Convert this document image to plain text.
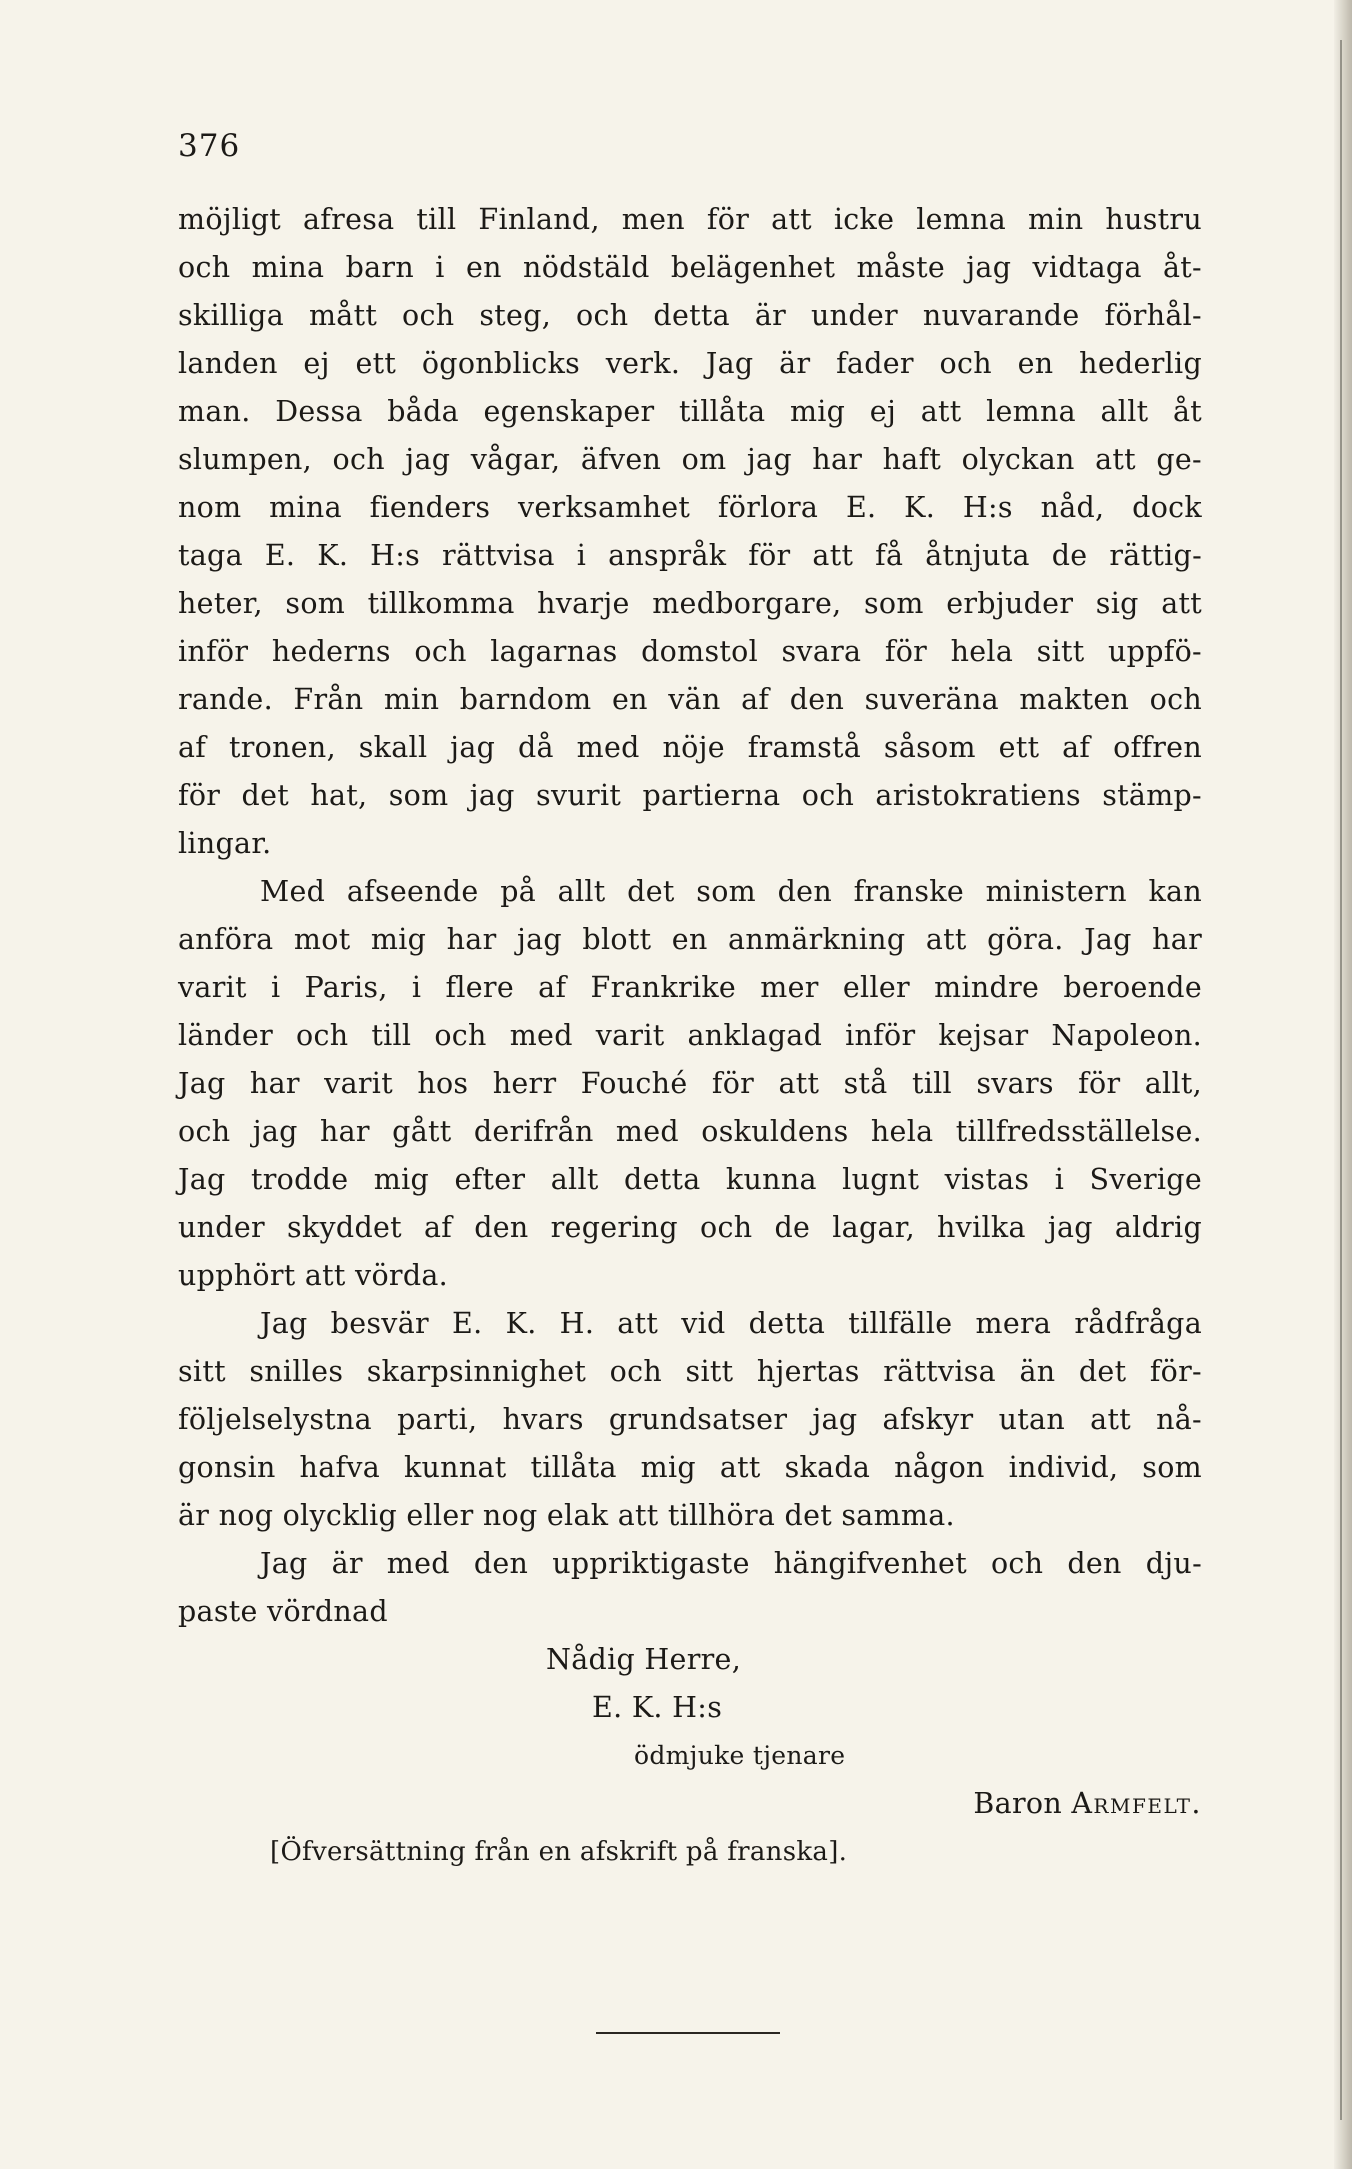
376
möjligt afresa till Finland, men för att icke lemna min hustru
och mina barn i en nödstäld belägenhet måste jag vidtaga åt-
skilliga mått och steg, och detta är under nuvarande förhål-
landen ej ett ögonblicks verk. Jag är fader och en hederlig
man. Dessa båda egenskaper tillåta mig ej att lemna allt åt
slumpen, och jag vågar, äfven om jag har haft olyckan att ge-
nom mina fienders verksamhet förlora E. K. H:s nåd, dock
taga E. K. H:s rättvisa i anspråk för att få åtnjuta de rättig-
heter, som tillkomma hvarje medborgare, som erbjuder sig att
inför hederns och lagarnas domstol svara för hela sitt uppfö-
rande. Från min barndom en vän af den suveräna makten och
af tronen, skall jag då med nöje framstå såsom ett af offren
för det hat, som jag svurit partierna och aristokratiens stämp-
lingar.
Med afseende på allt det som den franske ministern kan
anföra mot mig har jag blott en anmärkning att göra. Jag har
varit i Paris, i flere af Frankrike mer eller mindre beroende
länder och till och med varit anklagad inför kejsar Napoleon.
Jag har varit hos herr Fouché för att stå till svars för allt,
och jag har gått derifrån med oskuldens hela tillfredsställelse.
Jag trodde mig efter allt detta kunna lugnt vistas i Sverige
under skyddet af den regering och de lagar, hvilka jag aldrig
upphört att vörda.
Jag besvär E. K. H. att vid detta tillfälle mera rådfråga
sitt snilles skarpsinnighet och sitt hjertas rättvisa än det för-
följelselystna parti, hvars grundsatser jag afskyr utan att nå-
gonsin hafva kunnat tillåta mig att skada någon individ, som
är nog olycklig eller nog elak att tillhöra det samma.
Jag är med den uppriktigaste hängifvenhet och den dju-
paste vördnad
Nådig Herre,
E. K. H:s
ödmjuke tjenare
Baron Armfelt.
[Öfversättning från en afskrift på franska].
